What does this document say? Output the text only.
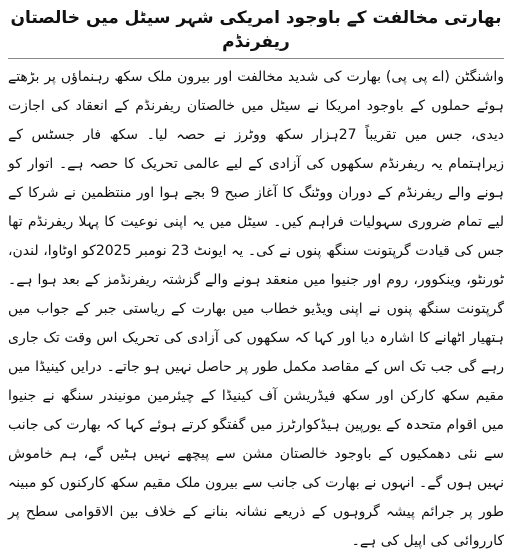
بھارتی مخالفت کے باوجود امریکی شہر سیٹل میں خالصتان ریفرنڈم

واشنگٹن (اے پی پی) بھارت کی شدید مخالفت اور بیرون ملک سکھ رہنماؤں پر بڑھتے ہوئے حملوں کے باوجود امریکا نے سیٹل میں خالصتان ریفرنڈم کے انعقاد کی اجازت دیدی، جس میں تقریباً 27ہزار سکھ ووٹرز نے حصہ لیا۔ سکھ فار جسٹس کے زیراہتمام یہ ریفرنڈم سکھوں کی آزادی کے لیے عالمی تحریک کا حصہ ہے۔ اتوار کو ہونے والے ریفرنڈم کے دوران ووٹنگ کا آغاز صبح 9 بجے ہوا اور منتظمین نے شرکا کے لیے تمام ضروری سہولیات فراہم کیں۔ سیٹل میں یہ اپنی نوعیت کا پہلا ریفرنڈم تھا جس کی قیادت گرپتونت سنگھ پنوں نے کی۔ یہ ایونٹ 23 نومبر 2025کو اوٹاوا، لندن، ٹورنٹو، وینکوور، روم اور جنیوا میں منعقد ہونے والے گزشتہ ریفرنڈمز کے بعد ہوا ہے۔ گرپتونت سنگھ پنوں نے اپنی ویڈیو خطاب میں بھارت کے ریاستی جبر کے جواب میں ہتھیار اٹھانے کا اشارہ دیا اور کہا کہ سکھوں کی آزادی کی تحریک اس وقت تک جاری رہے گی جب تک اس کے مقاصد مکمل طور پر حاصل نہیں ہو جاتے۔ درایں کینیڈا میں مقیم سکھ کارکن اور سکھ فیڈریشن آف کینیڈا کے چیئرمین مونیندر سنگھ نے جنیوا میں اقوام متحدہ کے یورپین ہیڈکوارٹرز میں گفتگو کرتے ہوئے کہا کہ بھارت کی جانب سے نئی دھمکیوں کے باوجود خالصتان مشن سے پیچھے نہیں ہٹیں گے، ہم خاموش نہیں ہوں گے۔ انہوں نے بھارت کی جانب سے بیرون ملک مقیم سکھ کارکنوں کو مبینہ طور پر جرائم پیشہ گروہوں کے ذریعے نشانہ بنانے کے خلاف بین الاقوامی سطح پر کارروائی کی اپیل کی ہے۔
